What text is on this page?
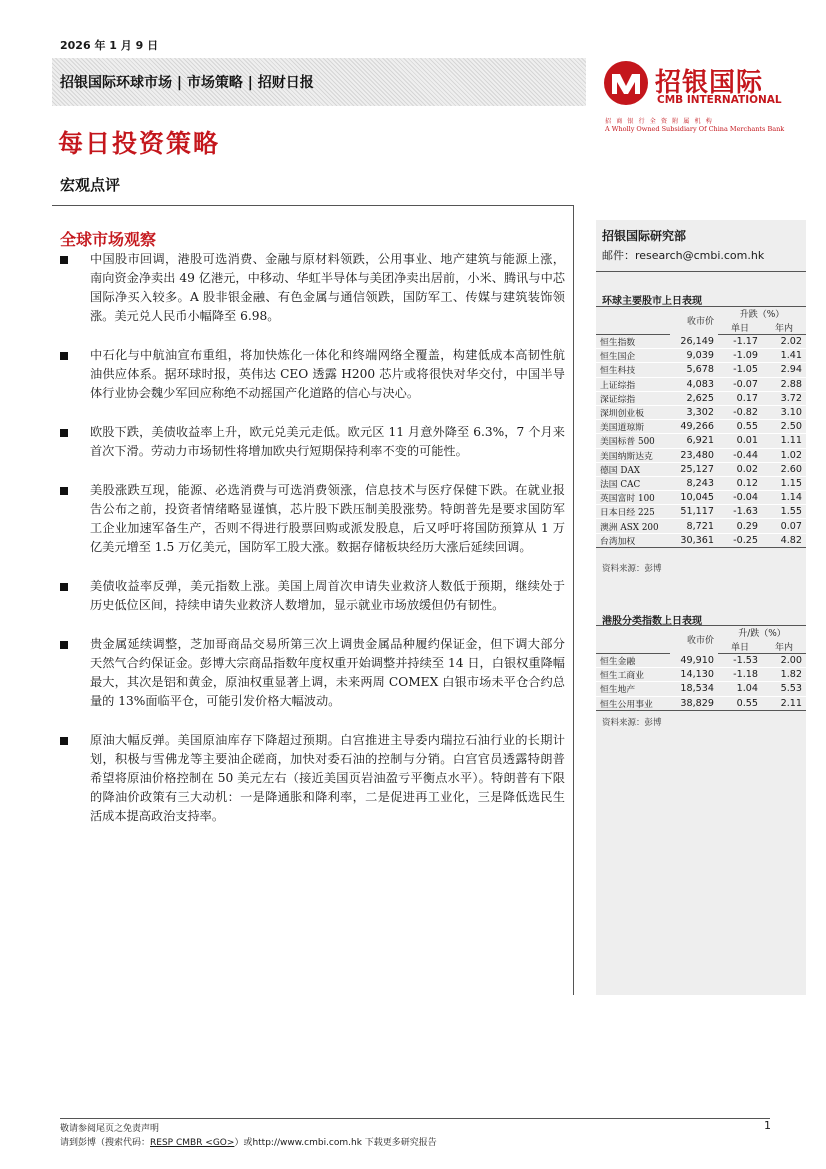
2026 年 1 月 9 日
招银国际环球市场 | 市场策略 | 招财日报	招银国际
CMB INTERNATIONAL
招商银行全资附属机构
A Wholly Owned Subsidiary Of China Merchants Bank
每日投资策略
宏观点评
全球市场观察
中国股市回调，港股可选消费、金融与原材料领跌，公用事业、地产建筑与能源上涨，南向资金净卖出 49 亿港元，中移动、华虹半导体与美团净卖出居前，小米、腾讯与中芯国际净买入较多。A 股非银金融、有色金属与通信领跌，国防军工、传媒与建筑装饰领涨。美元兑人民币小幅降至 6.98。
中石化与中航油宣布重组，将加快炼化一体化和终端网络全覆盖，构建低成本高韧性航油供应体系。据环球时报，英伟达 CEO 透露 H200 芯片或将很快对华交付，中国半导体行业协会魏少军回应称绝不动摇国产化道路的信心与决心。
欧股下跌，美债收益率上升，欧元兑美元走低。欧元区 11 月意外降至 6.3%，7 个月来首次下滑。劳动力市场韧性将增加欧央行短期保持利率不变的可能性。
美股涨跌互现，能源、必选消费与可选消费领涨，信息技术与医疗保健下跌。在就业报告公布之前，投资者情绪略显谨慎，芯片股下跌压制美股涨势。特朗普先是要求国防军工企业加速军备生产，否则不得进行股票回购或派发股息，后又呼吁将国防预算从 1 万亿美元增至 1.5 万亿美元，国防军工股大涨。数据存储板块经历大涨后延续回调。
美债收益率反弹，美元指数上涨。美国上周首次申请失业救济人数低于预期，继续处于历史低位区间，持续申请失业救济人数增加，显示就业市场放缓但仍有韧性。
贵金属延续调整，芝加哥商品交易所第三次上调贵金属品种履约保证金，但下调大部分天然气合约保证金。彭博大宗商品指数年度权重开始调整并持续至 14 日，白银权重降幅最大，其次是铝和黄金，原油权重显著上调，未来两周 COMEX 白银市场未平仓合约总量的 13%面临平仓，可能引发价格大幅波动。
原油大幅反弹。美国原油库存下降超过预期。白宫推进主导委内瑞拉石油行业的长期计划，积极与雪佛龙等主要油企磋商，加快对委石油的控制与分销。白宫官员透露特朗普希望将原油价格控制在 50 美元左右（接近美国页岩油盈亏平衡点水平）。特朗普有下限的降油价政策有三大动机：一是降通胀和降利率，二是促进再工业化，三是降低选民生活成本提高政治支持率。
招银国际研究部
邮件：research@cmbi.com.hk
环球主要股市上日表现
	收市价	升跌（%）	
		单日	年内
恒生指数	26,149	-1.17	2.02
恒生国企	9,039	-1.09	1.41
恒生科技	5,678	-1.05	2.94
上证综指	4,083	-0.07	2.88
深证综指	2,625	0.17	3.72
深圳创业板	3,302	-0.82	3.10
美国道琼斯	49,266	0.55	2.50
美国标普 500	6,921	0.01	1.11
美国纳斯达克	23,480	-0.44	1.02
德国 DAX	25,127	0.02	2.60
法国 CAC	8,243	0.12	1.15
英国富时 100	10,045	-0.04	1.14
日本日经 225	51,117	-1.63	1.55
澳洲 ASX 200	8,721	0.29	0.07
台湾加权	30,361	-0.25	4.82
资料来源：彭博
港股分类指数上日表现
	收市价	升/跌（%）	
		单日	年内
恒生金融	49,910	-1.53	2.00
恒生工商业	14,130	-1.18	1.82
恒生地产	18,534	1.04	5.53
恒生公用事业	38,829	0.55	2.11
资料来源：彭博
敬请参阅尾页之免责声明	1
请到彭博（搜索代码：RESP CMBR <GO>）或http://www.cmbi.com.hk 下载更多研究报告
